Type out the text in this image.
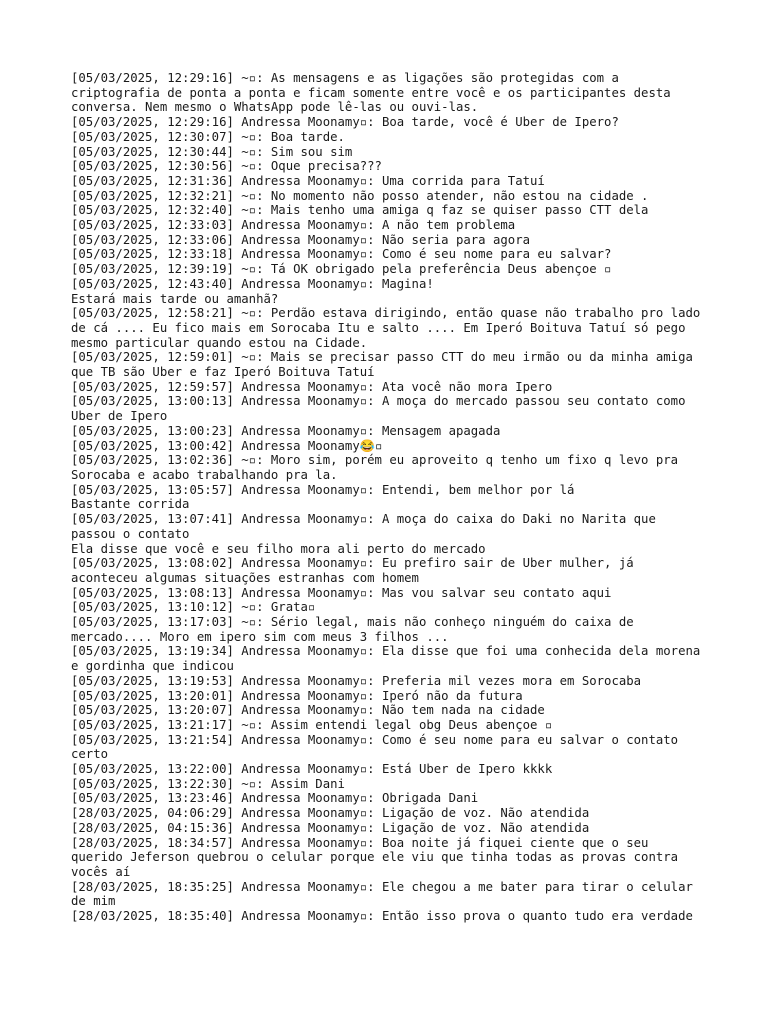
[05/03/2025, 12:29:16] ~▫: As mensagens e as ligações são protegidas com a criptografia de ponta a ponta e ficam somente entre você e os participantes desta conversa. Nem mesmo o WhatsApp pode lê-las ou ouvi-las.

[05/03/2025, 12:29:16] Andressa Moonamy▫: Boa tarde, você é Uber de Ipero?

[05/03/2025, 12:30:07] ~▫: Boa tarde.

[05/03/2025, 12:30:44] ~▫: Sim sou sim

[05/03/2025, 12:30:56] ~▫: Oque precisa???

[05/03/2025, 12:31:36] Andressa Moonamy▫: Uma corrida para Tatuí

[05/03/2025, 12:32:21] ~▫: No momento não posso atender, não estou na cidade .

[05/03/2025, 12:32:40] ~▫: Mais tenho uma amiga q faz se quiser passo CTT dela

[05/03/2025, 12:33:03] Andressa Moonamy▫: A não tem problema

[05/03/2025, 12:33:06] Andressa Moonamy▫: Não seria para agora

[05/03/2025, 12:33:18] Andressa Moonamy▫: Como é seu nome para eu salvar?

[05/03/2025, 12:39:19] ~▫: Tá OK obrigado pela preferência Deus abençoe ▫

[05/03/2025, 12:43:40] Andressa Moonamy▫: Magina!
Estará mais tarde ou amanhã?

[05/03/2025, 12:58:21] ~▫: Perdão estava dirigindo, então quase não trabalho pro lado de cá .... Eu fico mais em Sorocaba Itu e salto .... Em Iperó Boituva Tatuí só pego mesmo particular quando estou na Cidade.

[05/03/2025, 12:59:01] ~▫: Mais se precisar passo CTT do meu irmão ou da minha amiga que TB são Uber e faz Iperó Boituva Tatuí

[05/03/2025, 12:59:57] Andressa Moonamy▫: Ata você não mora Ipero

[05/03/2025, 13:00:13] Andressa Moonamy▫: A moça do mercado passou seu contato como Uber de Ipero

[05/03/2025, 13:00:23] Andressa Moonamy▫: Mensagem apagada

[05/03/2025, 13:00:42] Andressa Moonamy😂▫

[05/03/2025, 13:02:36] ~▫: Moro sim, porém eu aproveito q tenho um fixo q levo pra Sorocaba e acabo trabalhando pra la.

[05/03/2025, 13:05:57] Andressa Moonamy▫: Entendi, bem melhor por lá
Bastante corrida

[05/03/2025, 13:07:41] Andressa Moonamy▫: A moça do caixa do Daki no Narita que passou o contato
Ela disse que você e seu filho mora ali perto do mercado

[05/03/2025, 13:08:02] Andressa Moonamy▫: Eu prefiro sair de Uber mulher, já aconteceu algumas situações estranhas com homem

[05/03/2025, 13:08:13] Andressa Moonamy▫: Mas vou salvar seu contato aqui

[05/03/2025, 13:10:12] ~▫: Grata▫

[05/03/2025, 13:17:03] ~▫: Sério legal, mais não conheço ninguém do caixa de mercado.... Moro em ipero sim com meus 3 filhos ...

[05/03/2025, 13:19:34] Andressa Moonamy▫: Ela disse que foi uma conhecida dela morena e gordinha que indicou

[05/03/2025, 13:19:53] Andressa Moonamy▫: Preferia mil vezes mora em Sorocaba

[05/03/2025, 13:20:01] Andressa Moonamy▫: Iperó não da futura

[05/03/2025, 13:20:07] Andressa Moonamy▫: Não tem nada na cidade

[05/03/2025, 13:21:17] ~▫: Assim entendi legal obg Deus abençoe ▫

[05/03/2025, 13:21:54] Andressa Moonamy▫: Como é seu nome para eu salvar o contato certo

[05/03/2025, 13:22:00] Andressa Moonamy▫: Está Uber de Ipero kkkk

[05/03/2025, 13:22:30] ~▫: Assim Dani

[05/03/2025, 13:23:46] Andressa Moonamy▫: Obrigada Dani

[28/03/2025, 04:06:29] Andressa Moonamy▫: Ligação de voz. Não atendida

[28/03/2025, 04:15:36] Andressa Moonamy▫: Ligação de voz. Não atendida

[28/03/2025, 18:34:57] Andressa Moonamy▫: Boa noite já fiquei ciente que o seu querido Jeferson quebrou o celular porque ele viu que tinha todas as provas contra vocês aí

[28/03/2025, 18:35:25] Andressa Moonamy▫: Ele chegou a me bater para tirar o celular de mim

[28/03/2025, 18:35:40] Andressa Moonamy▫: Então isso prova o quanto tudo era verdade
